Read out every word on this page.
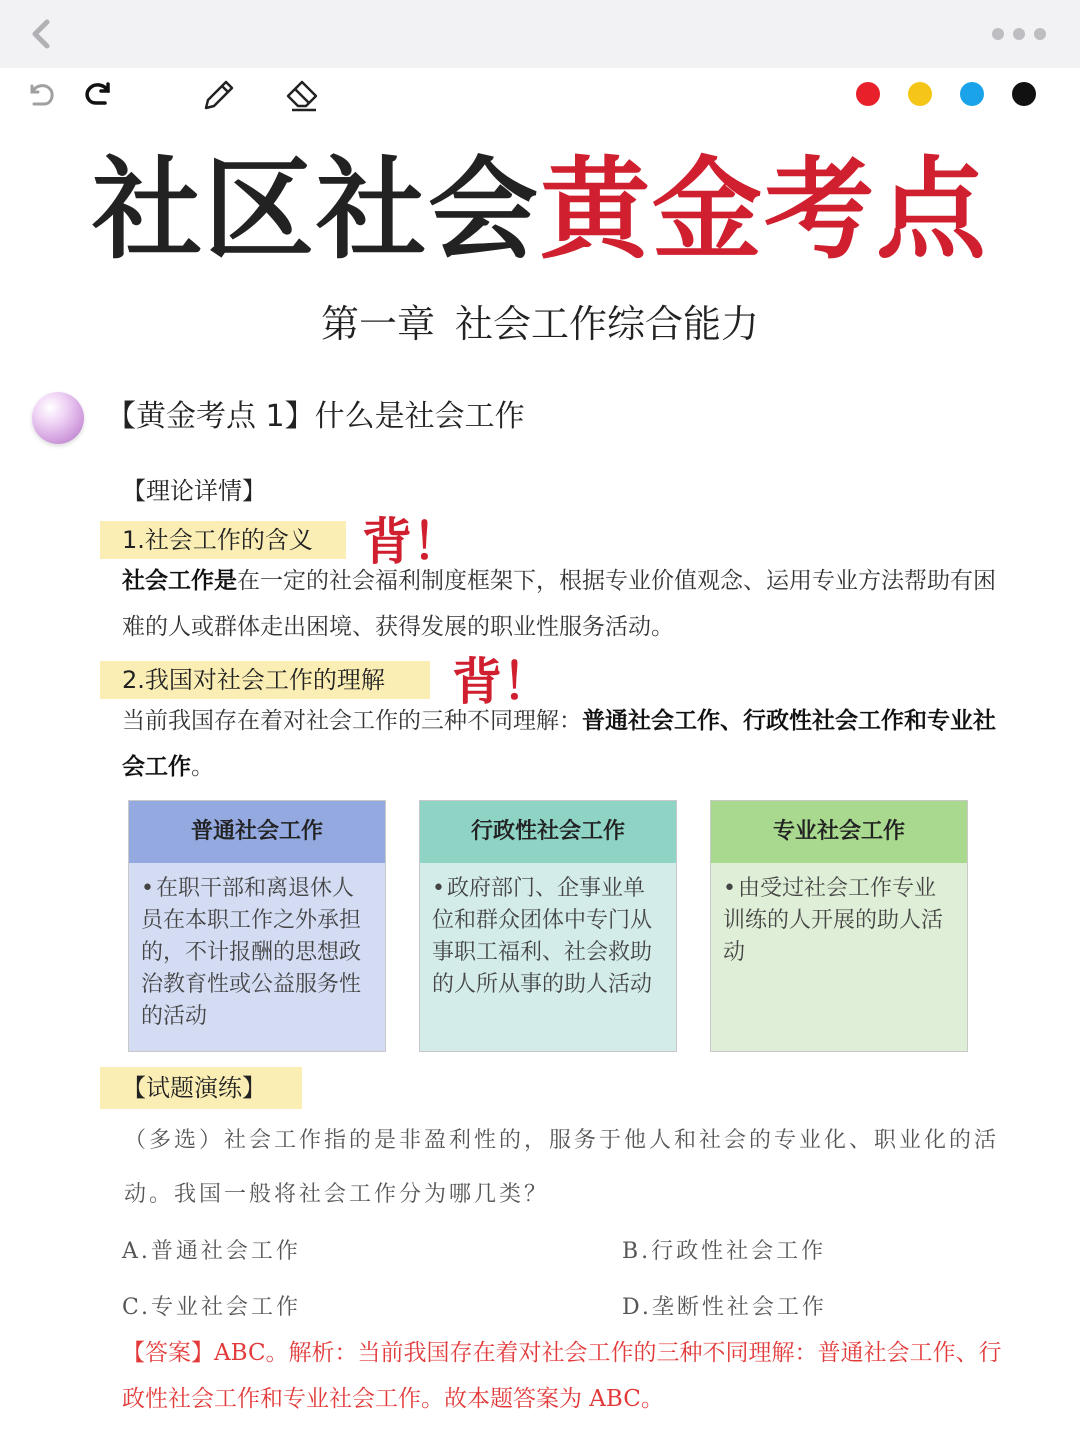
社区社会黄金考点
第一章 社会工作综合能力
【黄金考点 1】什么是社会工作
【理论详情】
1.社会工作的含义 背！
社会工作是在一定的社会福利制度框架下，根据专业价值观念、运用专业方法帮助有困难的人或群体走出困境、获得发展的职业性服务活动。
2.我国对社会工作的理解	背！
当前我国存在着对社会工作的三种不同理解：普通社会工作、行政性社会工作和专业社会工作。
普通社会工作
•在职干部和离退休人员在本职工作之外承担的，不计报酬的思想政治教育性或公益服务性的活动
行政性社会工作
•政府部门、企事业单位和群众团体中专门从事职工福利、社会救助的人所从事的助人活动
专业社会工作
•由受过社会工作专业训练的人开展的助人活动
【试题演练】
（多选）社会工作指的是非盈利性的，服务于他人和社会的专业化、职业化的活动。我国一般将社会工作分为哪几类？
A.普通社会工作	B.行政性社会工作
C.专业社会工作	D.垄断性社会工作
【答案】ABC。解析：当前我国存在着对社会工作的三种不同理解：普通社会工作、行政性社会工作和专业社会工作。故本题答案为 ABC。
